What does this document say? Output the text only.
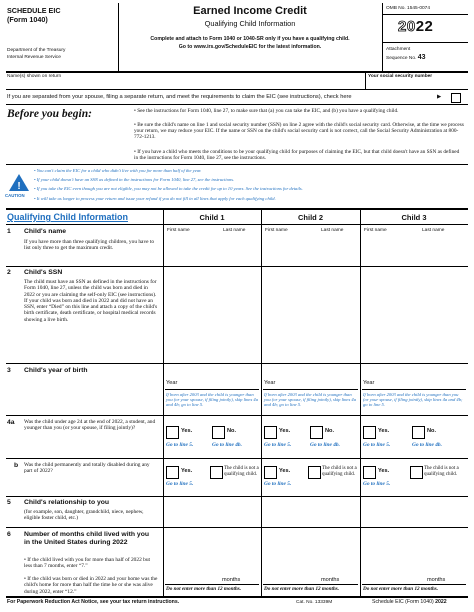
SCHEDULE EIC
(Form 1040)
Department of the Treasury
Internal Revenue Service
Earned Income Credit
Qualifying Child Information
Complete and attach to Form 1040 or 1040-SR only if you have a qualifying child.
Go to www.irs.gov/ScheduleEIC for the latest information.
OMB No. 1545-0074
2022
Attachment
Sequence No. 43
Name(s) shown on return	Your social security number
If you are separated from your spouse, filing a separate return, and meet the requirements to claim the EIC (see instructions), check here	▶
Before you begin:	• See the instructions for Form 1040, line 27, to make sure that (a) you can take the EIC, and (b) you have a qualifying child.
• Be sure the child's name on line 1 and social security number (SSN) on line 2 agree with the child's social security card. Otherwise, at the time we process your return, we may reduce your EIC. If the name or SSN on the child's social security card is not correct, call the Social Security Administration at 800-772-1213.
• If you have a child who meets the conditions to be your qualifying child for purposes of claiming the EIC, but that child doesn't have an SSN as defined in the instructions for Form 1040, line 27, see the instructions.
!
CAUTION
• You can't claim the EIC for a child who didn't live with you for more than half of the year.
• If your child doesn't have an SSN as defined in the instructions for Form 1040, line 27, see the instructions.
• If you take the EIC even though you are not eligible, you may not be allowed to take the credit for up to 10 years. See the instructions for details.
• It will take us longer to process your return and issue your refund if you do not fill in all lines that apply for each qualifying child.
Qualifying Child Information	Child 1	Child 2	Child 3
1 Child's name
If you have more than three qualifying children, you have to list only three to get the maximum credit.
First name	Last name	First name	Last name	First name	Last name
2 Child's SSN
The child must have an SSN as defined in the instructions for Form 1040, line 27, unless the child was born and died in 2022 or you are claiming the self-only EIC (see instructions). If your child was born and died in 2022 and did not have an SSN, enter “Died” on this line and attach a copy of the child's birth certificate, death certificate, or hospital medical records showing a live birth.
3 Child's year of birth
Year
If born after 2003 and the child is younger than you (or your spouse, if filing jointly), skip lines 4a and 4b; go to line 5.
Year
If born after 2003 and the child is younger than you (or your spouse, if filing jointly), skip lines 4a and 4b; go to line 5.
Year
If born after 2003 and the child is younger than you (or your spouse, if filing jointly), skip lines 4a and 4b; go to line 5.
4a Was the child under age 24 at the end of 2022, a student, and younger than you (or your spouse, if filing jointly)?	Yes.	No.
Go to line 5.	Go to line 4b.
Yes.	No.
Go to line 5.	Go to line 4b.
Yes.	No.
Go to line 5.	Go to line 4b.
b Was the child permanently and totally disabled during any part of 2022?	Yes.	The child is not a qualifying child.
Go to line 5.
Yes.	The child is not a qualifying child.
Go to line 5.
Yes.	The child is not a qualifying child.
Go to line 5.
5 Child's relationship to you
(for example, son, daughter, grandchild, niece, nephew, eligible foster child, etc.)
6 Number of months child lived with you in the United States during 2022
• If the child lived with you for more than half of 2022 but less than 7 months, enter “7.”
• If the child was born or died in 2022 and your home was the child's home for more than half the time he or she was alive during 2022, enter “12.”
months
Do not enter more than 12 months.
months
Do not enter more than 12 months.
months
Do not enter more than 12 months.
For Paperwork Reduction Act Notice, see your tax return instructions.	Cat. No. 13339M	Schedule EIC (Form 1040) 2022
